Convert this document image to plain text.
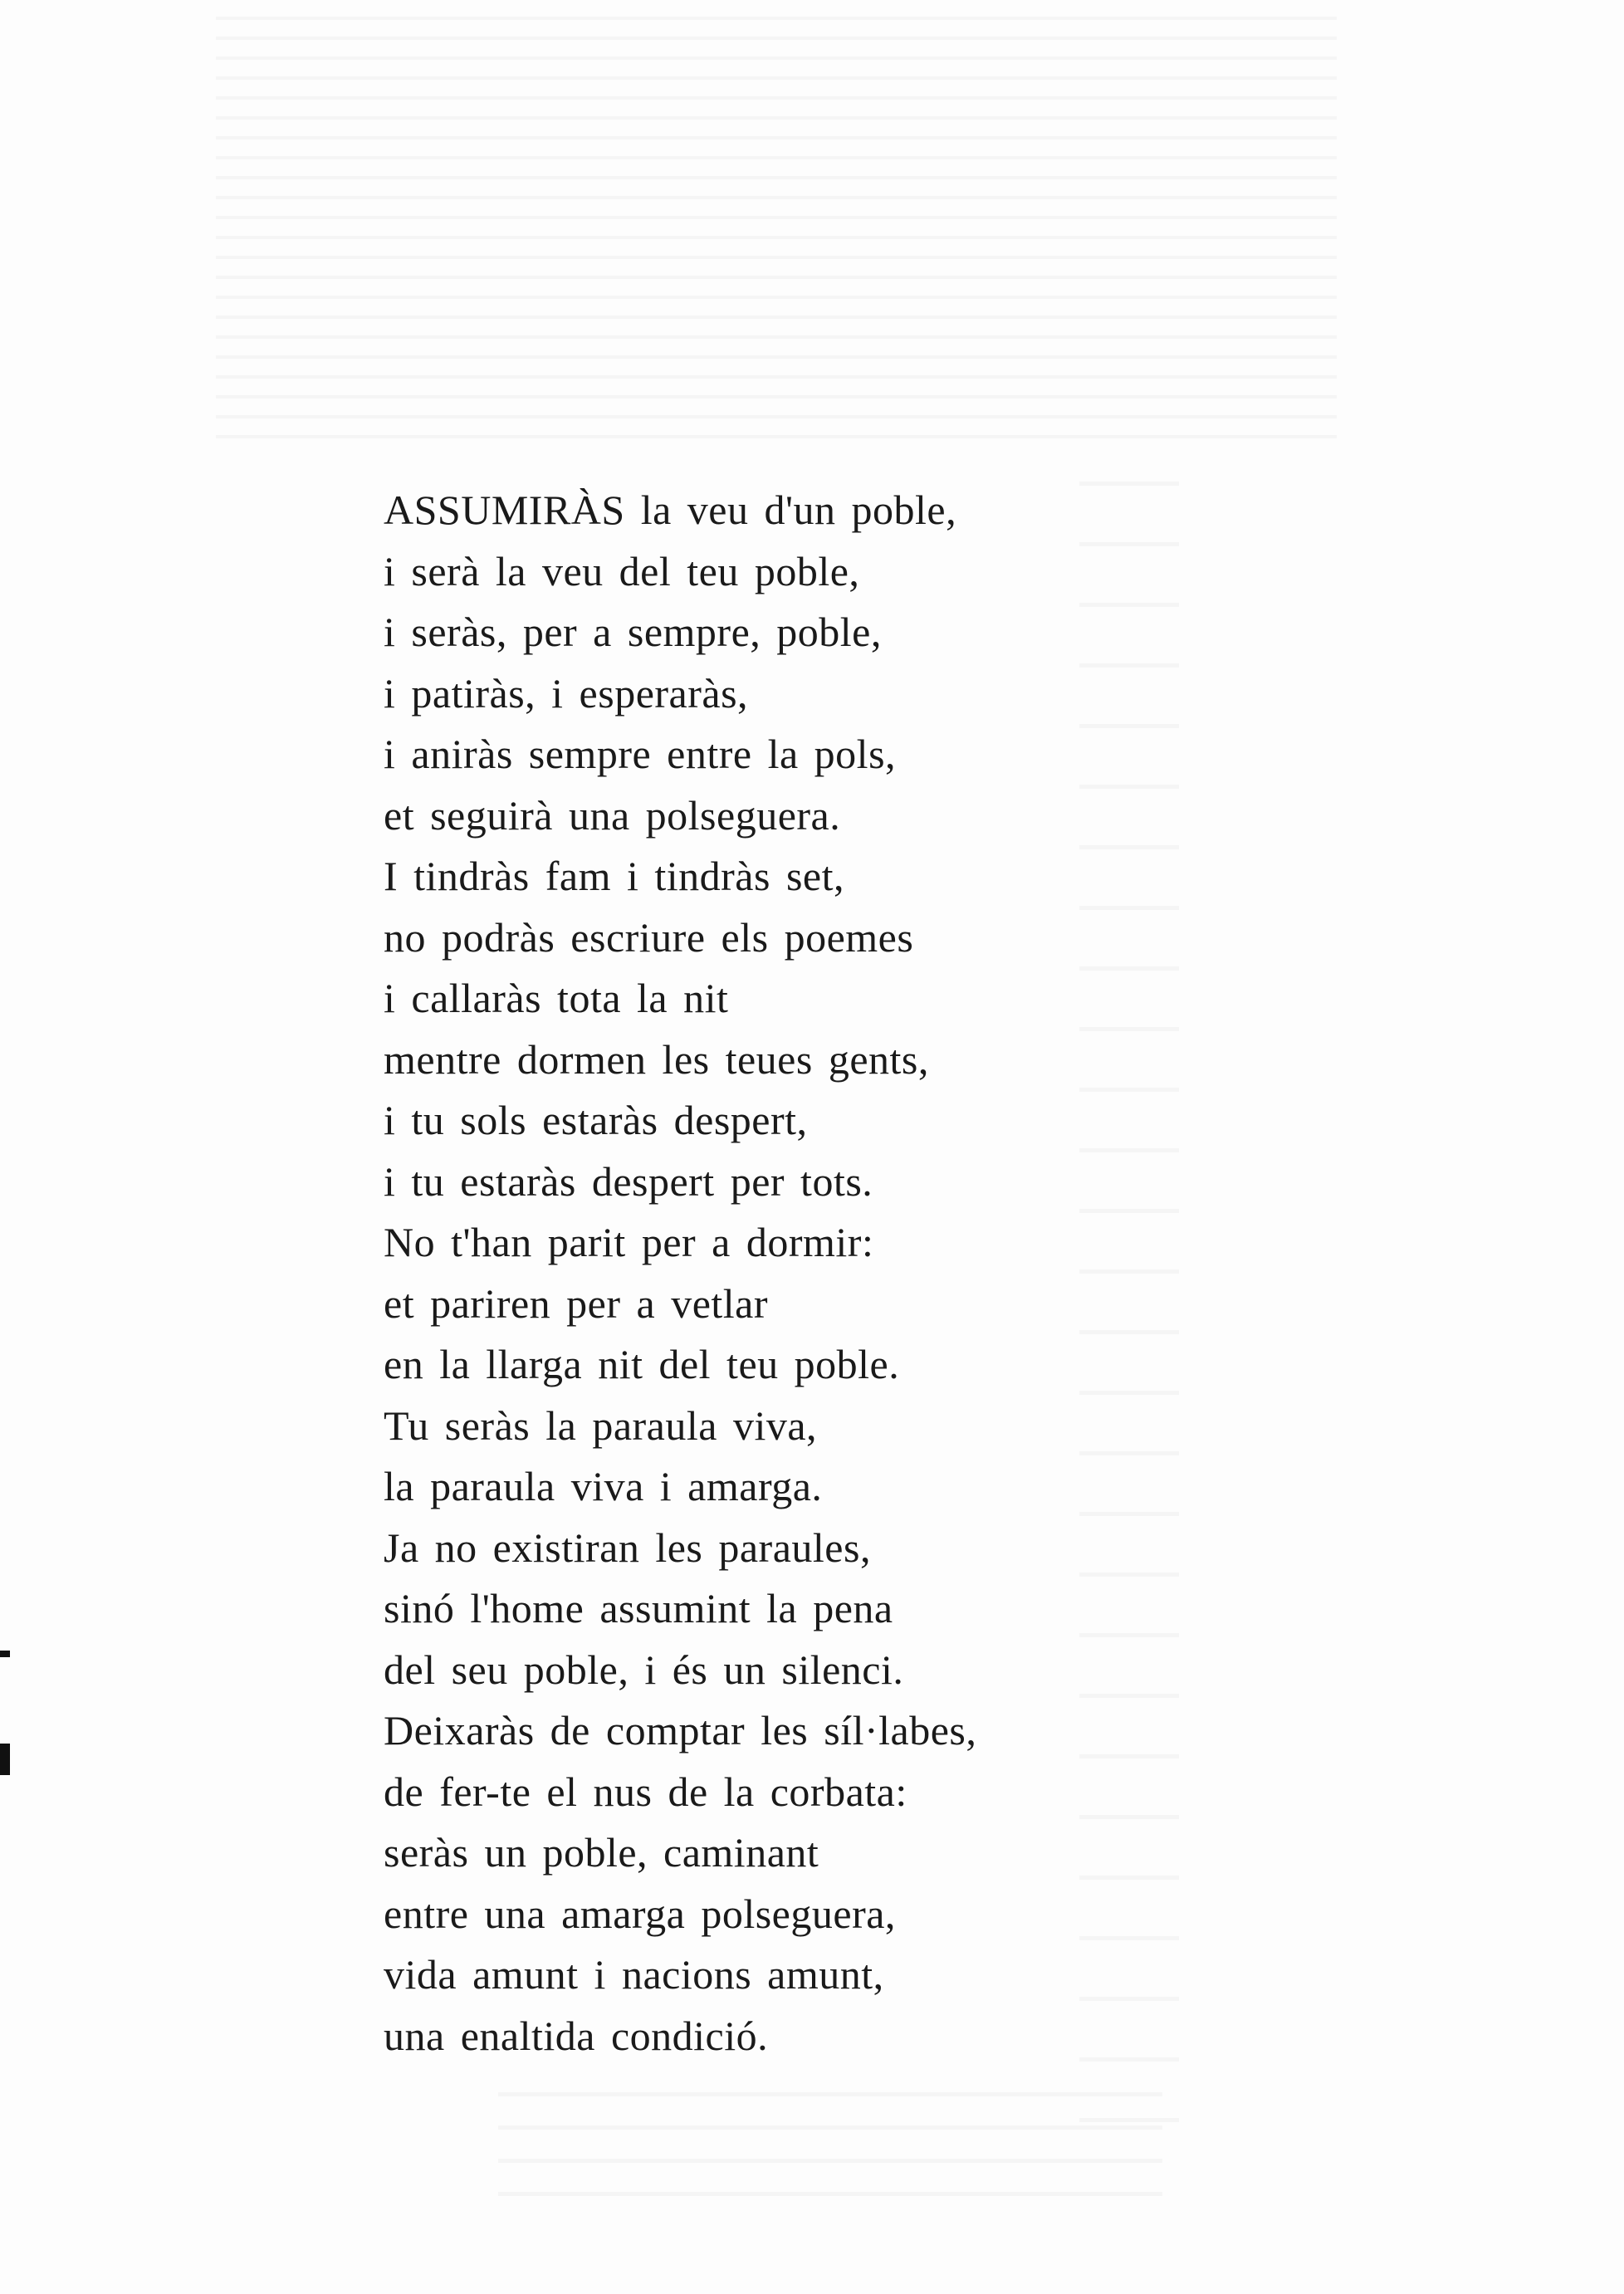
ASSUMIRÀS la veu d'un poble,
i serà la veu del teu poble,
i seràs, per a sempre, poble,
i patiràs, i esperaràs,
i aniràs sempre entre la pols,
et seguirà una polseguera.
I tindràs fam i tindràs set,
no podràs escriure els poemes
i callaràs tota la nit
mentre dormen les teues gents,
i tu sols estaràs despert,
i tu estaràs despert per tots.
No t'han parit per a dormir:
et pariren per a vetlar
en la llarga nit del teu poble.
Tu seràs la paraula viva,
la paraula viva i amarga.
Ja no existiran les paraules,
sinó l'home assumint la pena
del seu poble, i és un silenci.
Deixaràs de comptar les síl·labes,
de fer-te el nus de la corbata:
seràs un poble, caminant
entre una amarga polseguera,
vida amunt i nacions amunt,
una enaltida condició.
